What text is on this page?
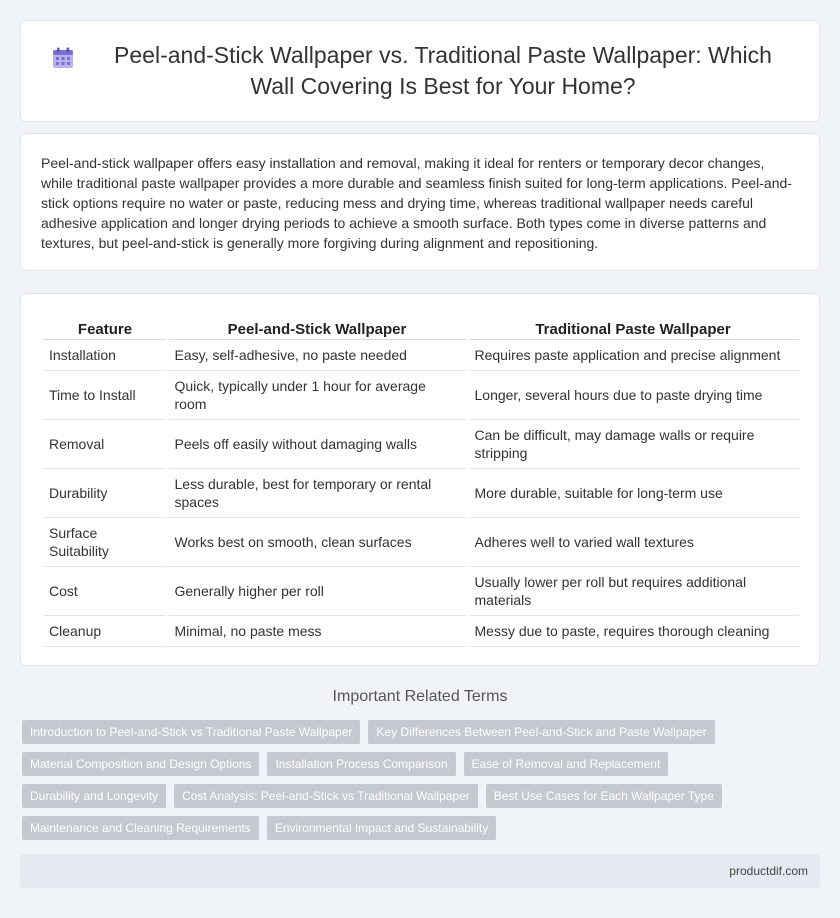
Peel-and-Stick Wallpaper vs. Traditional Paste Wallpaper: Which Wall Covering Is Best for Your Home?

Peel-and-stick wallpaper offers easy installation and removal, making it ideal for renters or temporary decor changes, while traditional paste wallpaper provides a more durable and seamless finish suited for long-term applications. Peel-and-stick options require no water or paste, reducing mess and drying time, whereas traditional wallpaper needs careful adhesive application and longer drying periods to achieve a smooth surface. Both types come in diverse patterns and textures, but peel-and-stick is generally more forgiving during alignment and repositioning.

Feature	Peel-and-Stick Wallpaper	Traditional Paste Wallpaper
Installation	Easy, self-adhesive, no paste needed	Requires paste application and precise alignment
Time to Install	Quick, typically under 1 hour for average room	Longer, several hours due to paste drying time
Removal	Peels off easily without damaging walls	Can be difficult, may damage walls or require stripping
Durability	Less durable, best for temporary or rental spaces	More durable, suitable for long-term use
Surface Suitability	Works best on smooth, clean surfaces	Adheres well to varied wall textures
Cost	Generally higher per roll	Usually lower per roll but requires additional materials
Cleanup	Minimal, no paste mess	Messy due to paste, requires thorough cleaning
Important Related Terms
Introduction to Peel-and-Stick vs Traditional Paste Wallpaper	Key Differences Between Peel-and-Stick and Paste Wallpaper
Material Composition and Design Options	Installation Process Comparison	Ease of Removal and Replacement
Durability and Longevity	Cost Analysis: Peel-and-Stick vs Traditional Wallpaper	Best Use Cases for Each Wallpaper Type
Maintenance and Cleaning Requirements	Environmental Impact and Sustainability
productdif.com
